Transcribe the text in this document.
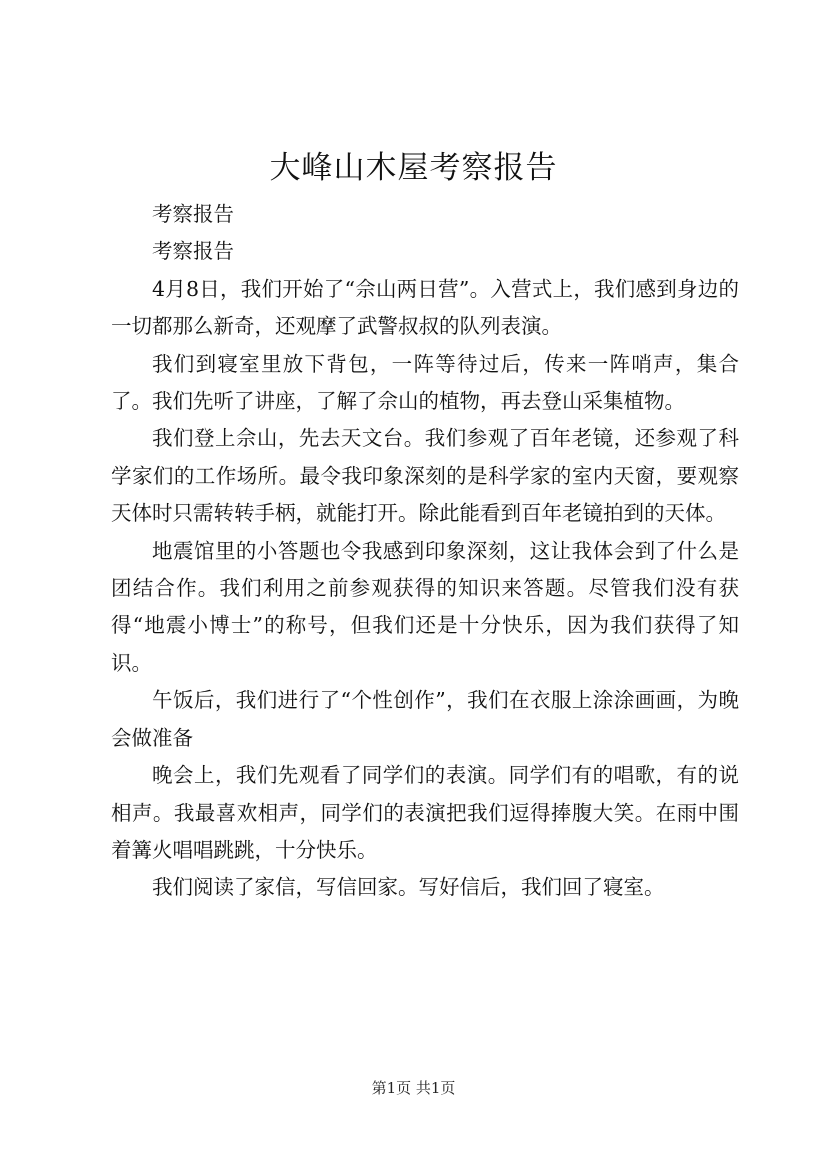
大峰山木屋考察报告

考察报告

考察报告

4月8日，我们开始了“佘山两日营”。入营式上，我们感到身边的一切都那么新奇，还观摩了武警叔叔的队列表演。

我们到寝室里放下背包，一阵等待过后，传来一阵哨声，集合了。我们先听了讲座，了解了佘山的植物，再去登山采集植物。

我们登上佘山，先去天文台。我们参观了百年老镜，还参观了科学家们的工作场所。最令我印象深刻的是科学家的室内天窗，要观察天体时只需转转手柄，就能打开。除此能看到百年老镜拍到的天体。

地震馆里的小答题也令我感到印象深刻，这让我体会到了什么是团结合作。我们利用之前参观获得的知识来答题。尽管我们没有获得“地震小博士”的称号，但我们还是十分快乐，因为我们获得了知识。

午饭后，我们进行了“个性创作”，我们在衣服上涂涂画画，为晚会做准备

晚会上，我们先观看了同学们的表演。同学们有的唱歌，有的说相声。我最喜欢相声，同学们的表演把我们逗得捧腹大笑。在雨中围着篝火唱唱跳跳，十分快乐。

我们阅读了家信，写信回家。写好信后，我们回了寝室。

第1页 共1页
